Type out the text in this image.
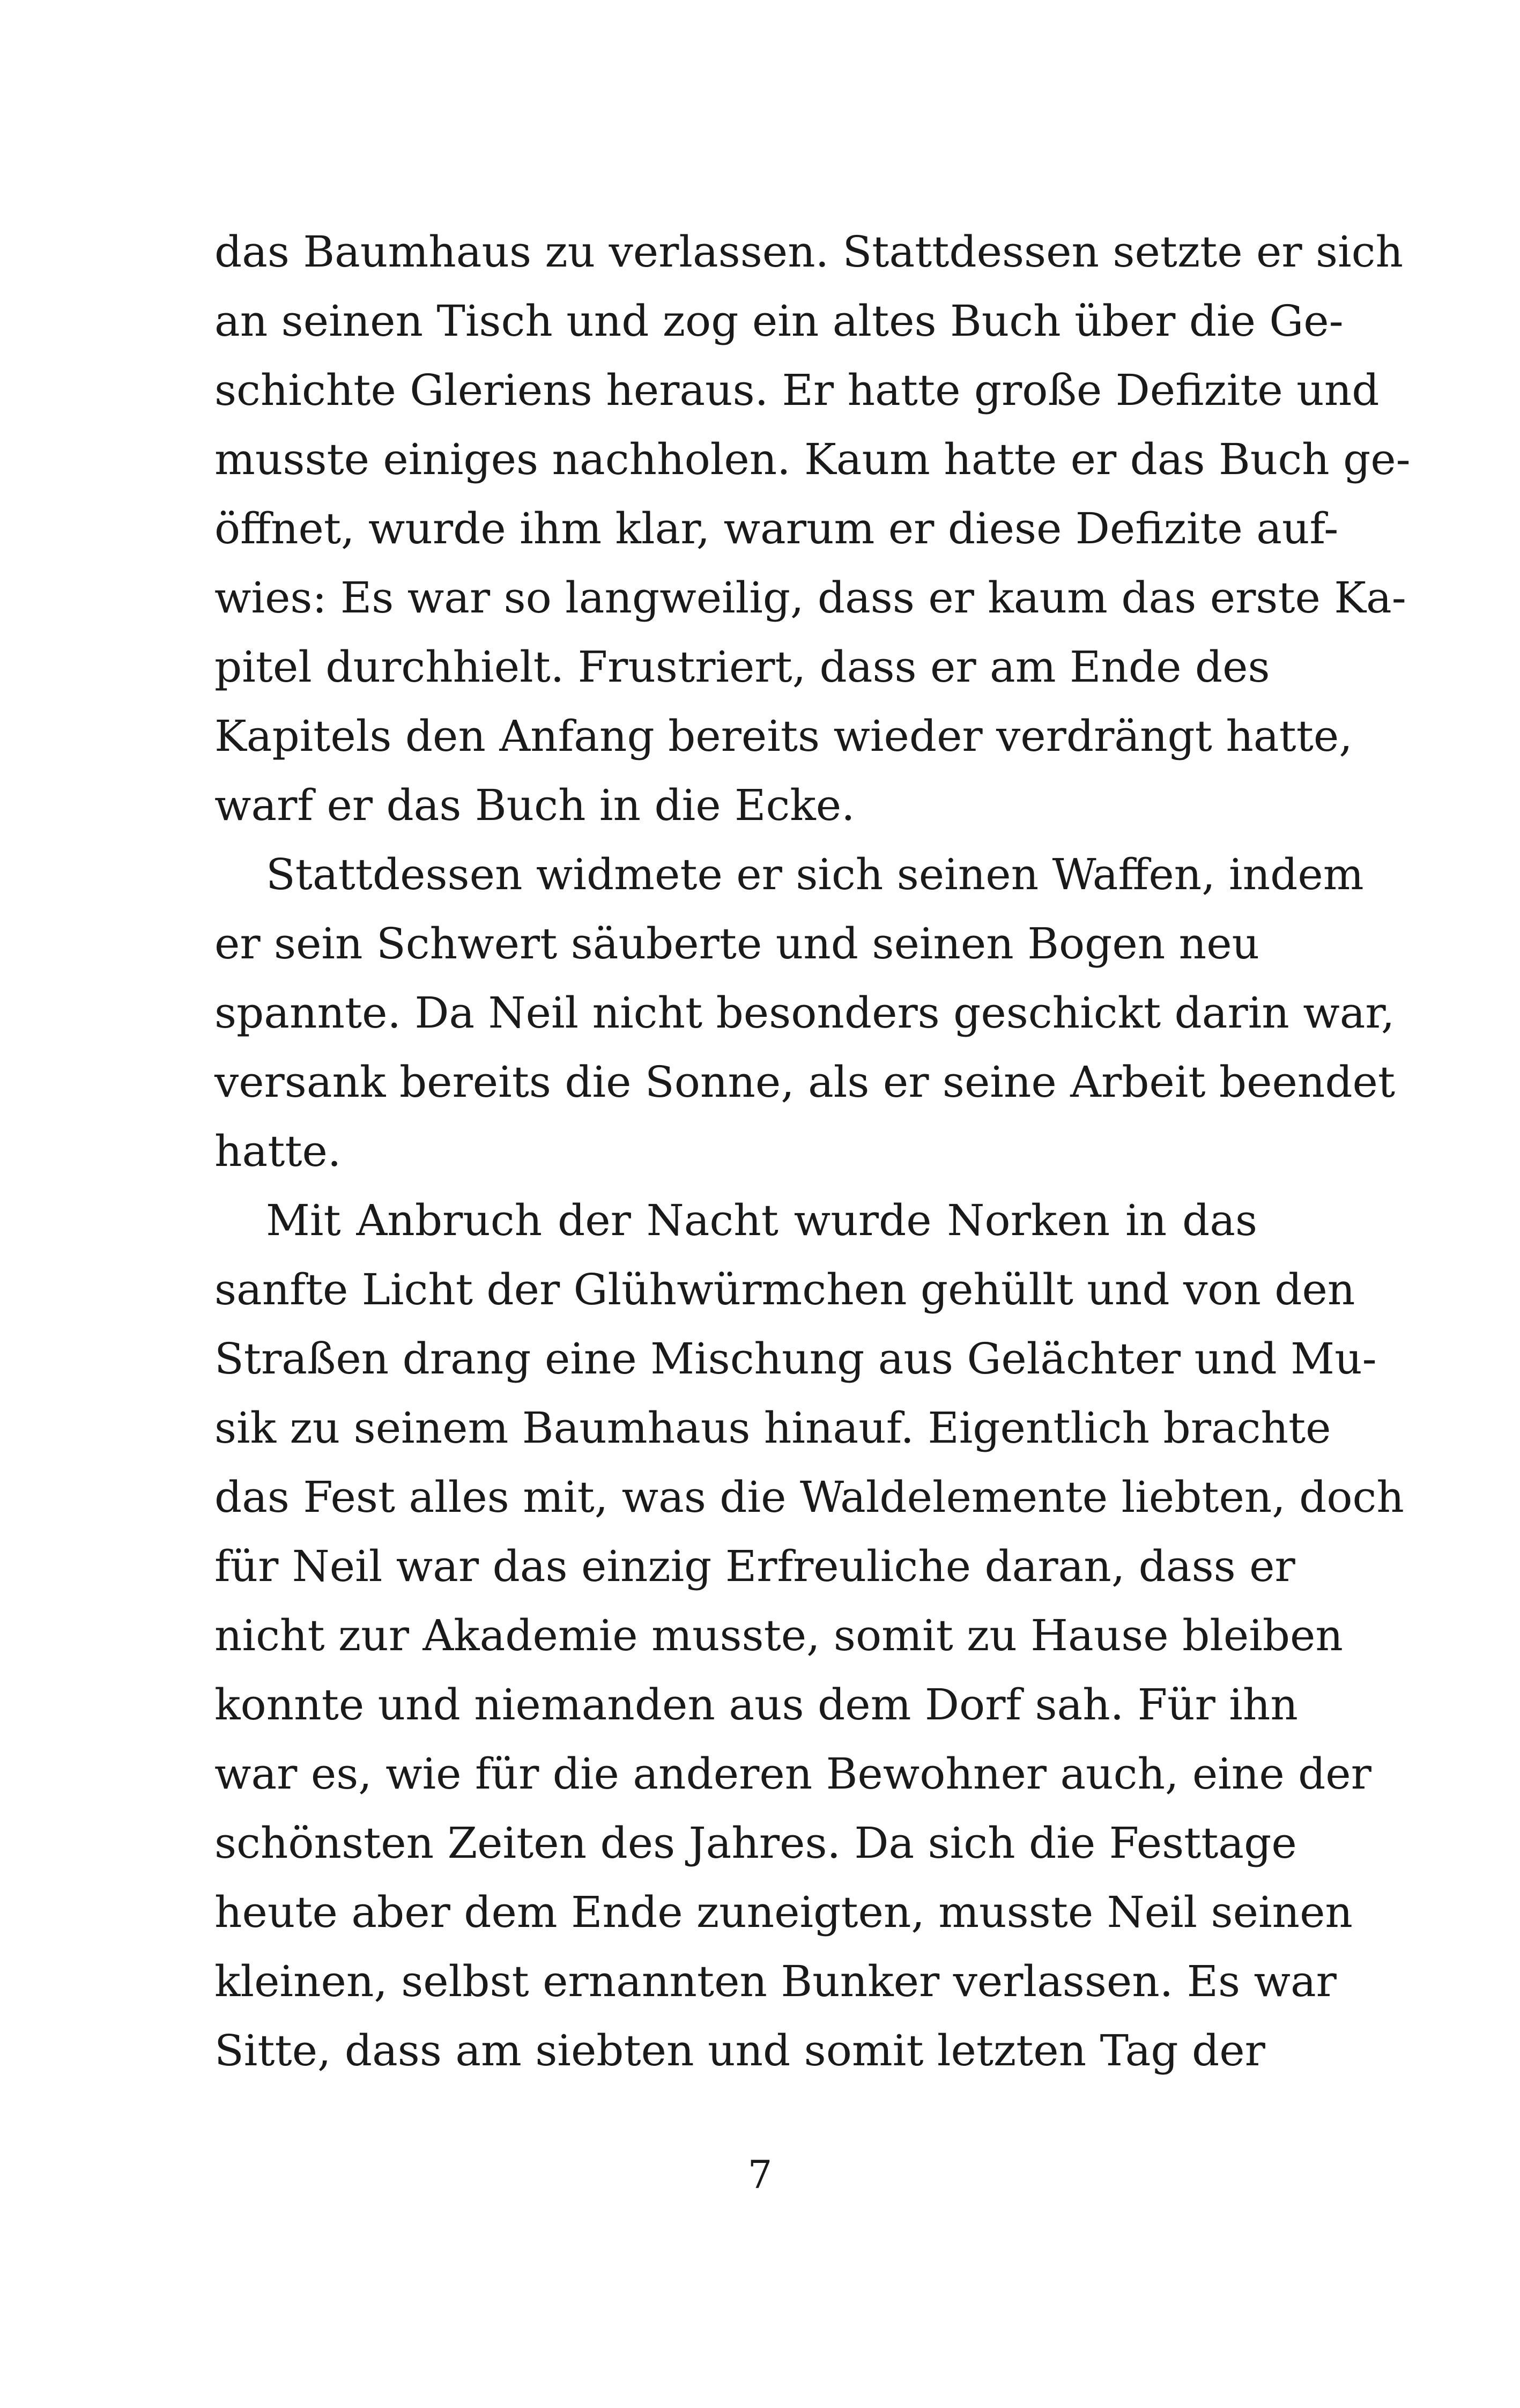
das Baumhaus zu verlassen. Stattdessen setzte er sich
an seinen Tisch und zog ein altes Buch über die Ge-
schichte Gleriens heraus. Er hatte große Defizite und
musste einiges nachholen. Kaum hatte er das Buch ge-
öffnet, wurde ihm klar, warum er diese Defizite auf-
wies: Es war so langweilig, dass er kaum das erste Ka-
pitel durchhielt. Frustriert, dass er am Ende des
Kapitels den Anfang bereits wieder verdrängt hatte,
warf er das Buch in die Ecke.
Stattdessen widmete er sich seinen Waffen, indem
er sein Schwert säuberte und seinen Bogen neu
spannte. Da Neil nicht besonders geschickt darin war,
versank bereits die Sonne, als er seine Arbeit beendet
hatte.
Mit Anbruch der Nacht wurde Norken in das
sanfte Licht der Glühwürmchen gehüllt und von den
Straßen drang eine Mischung aus Gelächter und Mu-
sik zu seinem Baumhaus hinauf. Eigentlich brachte
das Fest alles mit, was die Waldelemente liebten, doch
für Neil war das einzig Erfreuliche daran, dass er
nicht zur Akademie musste, somit zu Hause bleiben
konnte und niemanden aus dem Dorf sah. Für ihn
war es, wie für die anderen Bewohner auch, eine der
schönsten Zeiten des Jahres. Da sich die Festtage
heute aber dem Ende zuneigten, musste Neil seinen
kleinen, selbst ernannten Bunker verlassen. Es war
Sitte, dass am siebten und somit letzten Tag der
7
